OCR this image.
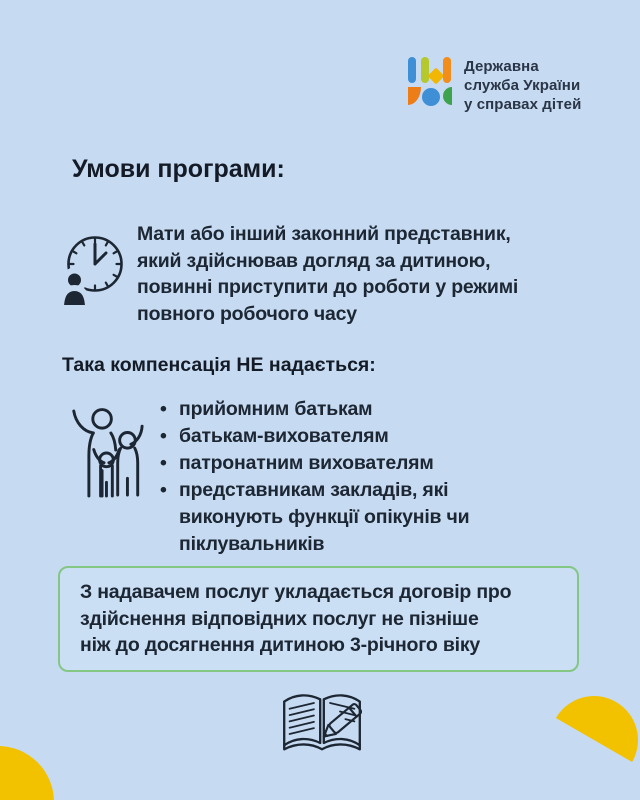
Державна
служба України
у справах дітей
Умови програми:
Мати або інший законний представник,
який здійснював догляд за дитиною,
повинні приступити до роботи у режимі
повного робочого часу
Така компенсація НЕ надається:
• прийомним батькам
• батькам-вихователям
• патронатним вихователям
• представникам закладів, які виконують функції опікунів чи піклувальників
З надавачем послуг укладається договір про
здійснення відповідних послуг не пізніше
ніж до досягнення дитиною 3-річного віку
